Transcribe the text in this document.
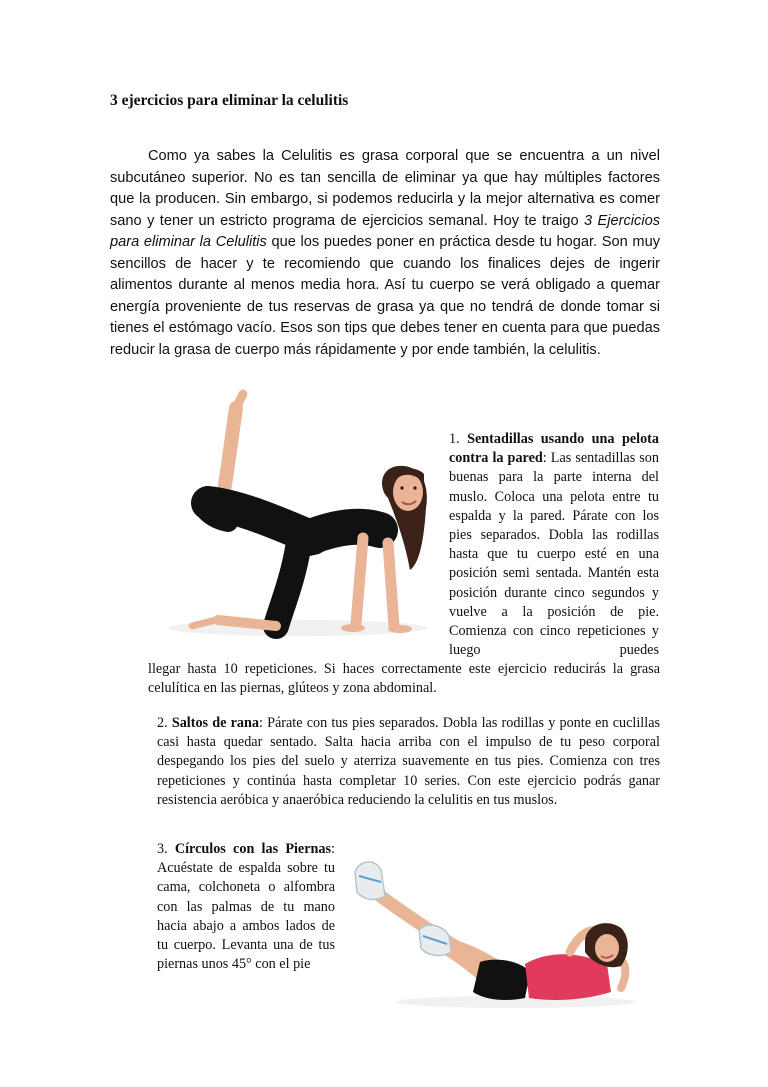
3 ejercicios para eliminar la celulitis

Como ya sabes la Celulitis es grasa corporal que se encuentra a un nivel subcutáneo superior. No es tan sencilla de eliminar ya que hay múltiples factores que la producen. Sin embargo, si podemos reducirla y la mejor alternativa es comer sano y tener un estricto programa de ejercicios semanal. Hoy te traigo 3 Ejercicios para eliminar la Celulitis que los puedes poner en práctica desde tu hogar. Son muy sencillos de hacer y te recomiendo que cuando los finalices dejes de ingerir alimentos durante al menos media hora. Así tu cuerpo se verá obligado a quemar energía proveniente de tus reservas de grasa ya que no tendrá de donde tomar si tienes el estómago vacío. Esos son tips que debes tener en cuenta para que puedas reducir la grasa de cuerpo más rápidamente y por ende también, la celulitis.

1. Sentadillas usando una pelota contra la pared: Las sentadillas son buenas para la parte interna del muslo. Coloca una pelota entre tu espalda y la pared. Párate con los pies separados. Dobla las rodillas hasta que tu cuerpo esté en una posición semi sentada. Mantén esta posición durante cinco segundos y vuelve a la posición de pie. Comienza con cinco repeticiones y luego puedes

llegar hasta 10 repeticiones. Si haces correctamente este ejercicio reducirás la grasa celulítica en las piernas, glúteos y zona abdominal.

2. Saltos de rana: Párate con tus pies separados. Dobla las rodillas y ponte en cuclillas casi hasta quedar sentado. Salta hacia arriba con el impulso de tu peso corporal despegando los pies del suelo y aterriza suavemente en tus pies. Comienza con tres repeticiones y continúa hasta completar 10 series. Con este ejercicio podrás ganar resistencia aeróbica y anaeróbica reduciendo la celulitis en tus muslos.

3. Círculos con las Piernas: Acuéstate de espalda sobre tu cama, colchoneta o alfombra con las palmas de tu mano hacia abajo a ambos lados de tu cuerpo. Levanta una de tus piernas unos 45° con el pie
